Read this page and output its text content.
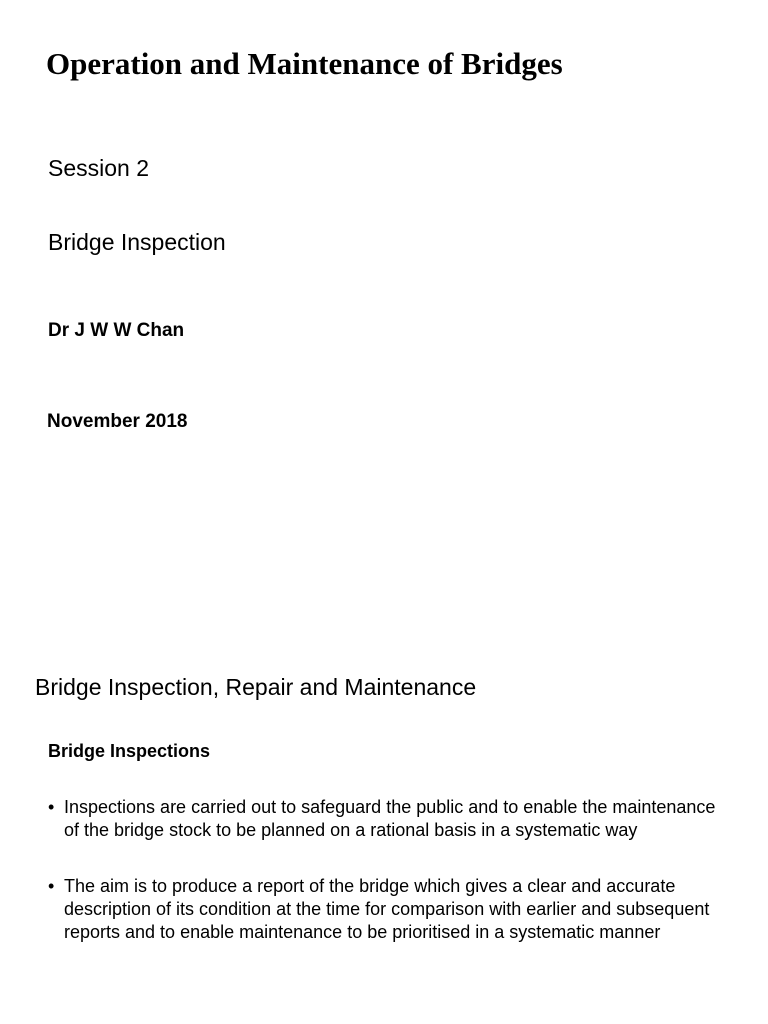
Operation and Maintenance of Bridges
Session 2
Bridge Inspection
Dr J W W Chan
November 2018
Bridge Inspection, Repair and Maintenance
Bridge Inspections
• Inspections are carried out to safeguard the public and to enable the maintenance of the bridge stock to be planned on a rational basis in a systematic way
• The aim is to produce a report of the bridge which gives a clear and accurate description of its condition at the time for comparison with earlier and subsequent reports and to enable maintenance to be prioritised in a systematic manner
